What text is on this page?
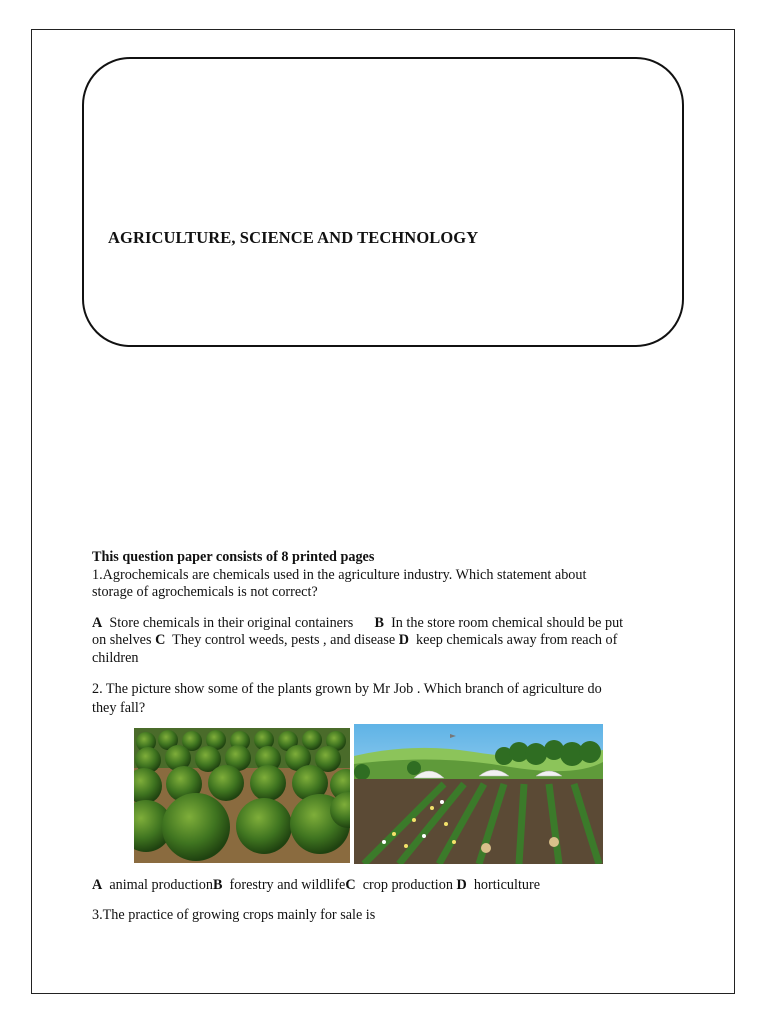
AGRICULTURE, SCIENCE AND TECHNOLOGY
This question paper consists of 8 printed pages
1.Agrochemicals are chemicals used in the agriculture industry. Which statement about
storage of agrochemicals is not correct?
A Store chemicals in their original containers B In the store room chemical should be put
on shelves C They control weeds, pests , and disease D keep chemicals away from reach of
children
2. The picture show some of the plants grown by Mr Job . Which branch of agriculture do
they fall?
A animal productionB forestry and wildlifeC crop production D horticulture
3.The practice of growing crops mainly for sale is
